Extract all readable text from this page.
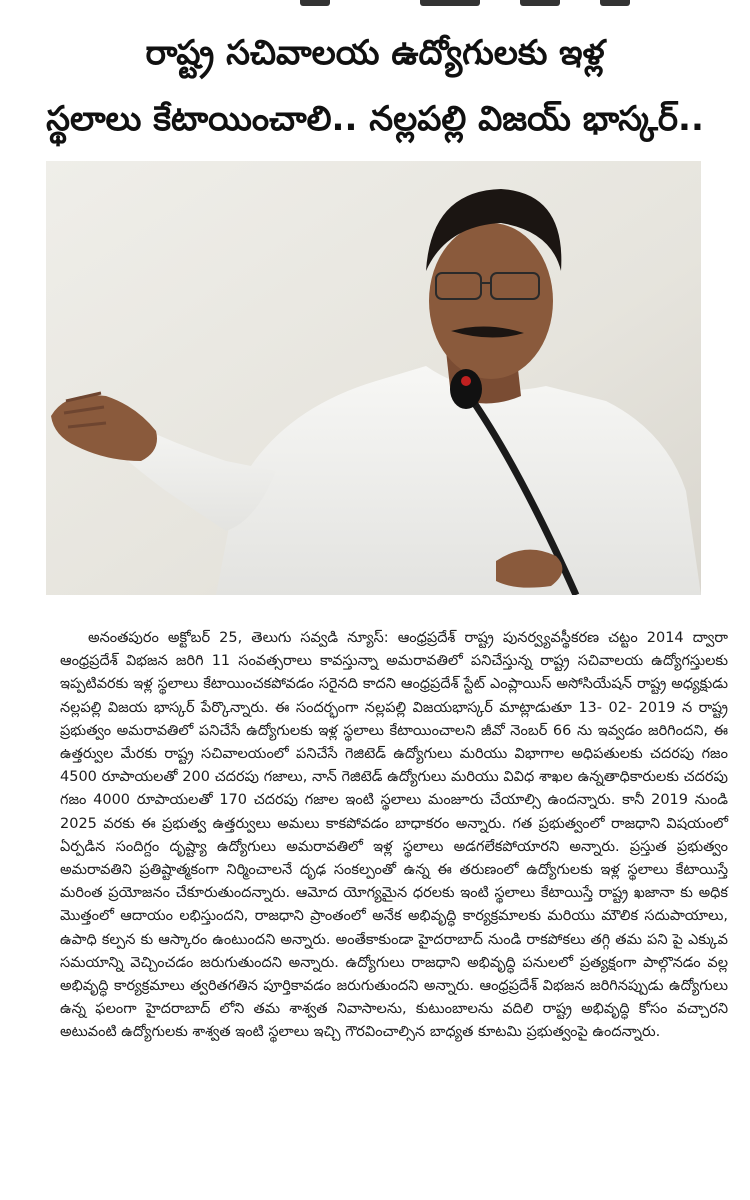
రాష్ట్ర సచివాలయ ఉద్యోగులకు ఇళ్ల
స్థలాలు కేటాయించాలి.. నల్లపల్లి విజయ్ భాస్కర్..
అనంతపురం అక్టోబర్ 25, తెలుగు సవ్వడి న్యూస్: ఆంధ్రప్రదేశ్ రాష్ట్ర పునర్వ్యవస్థీకరణ చట్టం 2014 ద్వారా ఆంధ్రప్రదేశ్ విభజన జరిగి 11 సంవత్సరాలు కావస్తున్నా అమరావతిలో పనిచేస్తున్న రాష్ట్ర సచివాలయ ఉద్యోగస్తులకు ఇప్పటివరకు ఇళ్ల స్థలాలు కేటాయించకపోవడం సరైనది కాదని ఆంధ్రప్రదేశ్ స్టేట్ ఎంప్లాయిస్ అసోసియేషన్ రాష్ట్ర అధ్యక్షుడు నల్లపల్లి విజయ భాస్కర్ పేర్కొన్నారు. ఈ సందర్భంగా నల్లపల్లి విజయభాస్కర్ మాట్లాడుతూ 13- 02- 2019 న రాష్ట్ర ప్రభుత్వం అమరావతిలో పనిచేసే ఉద్యోగులకు ఇళ్ల స్థలాలు కేటాయించాలని జీవో నెంబర్ 66 ను ఇవ్వడం జరిగిందని, ఈ ఉత్తర్వుల మేరకు రాష్ట్ర సచివాలయంలో పనిచేసే గెజిటెడ్ ఉద్యోగులు మరియు విభాగాల అధిపతులకు చదరపు గజం 4500 రూపాయలతో 200 చదరపు గజాలు, నాన్ గెజిటెడ్ ఉద్యోగులు మరియు వివిధ శాఖల ఉన్నతాధికారులకు చదరపు గజం 4000 రూపాయలతో 170 చదరపు గజాల ఇంటి స్థలాలు మంజూరు చేయాల్సి ఉందన్నారు. కానీ 2019 నుండి 2025 వరకు ఈ ప్రభుత్వ ఉత్తర్వులు అమలు కాకపోవడం బాధాకరం అన్నారు. గత ప్రభుత్వంలో రాజధాని విషయంలో ఏర్పడిన సందిగ్దం దృష్ట్యా ఉద్యోగులు అమరావతిలో ఇళ్ల స్థలాలు అడగలేకపోయారని అన్నారు. ప్రస్తుత ప్రభుత్వం అమరావతిని ప్రతిష్టాత్మకంగా నిర్మించాలనే దృఢ సంకల్పంతో ఉన్న ఈ తరుణంలో ఉద్యోగులకు ఇళ్ల స్థలాలు కేటాయిస్తే మరింత ప్రయోజనం చేకూరుతుందన్నారు. ఆమోద యోగ్యమైన ధరలకు ఇంటి స్థలాలు కేటాయిస్తే రాష్ట్ర ఖజానా కు అధిక మొత్తంలో ఆదాయం లభిస్తుందని, రాజధాని ప్రాంతంలో అనేక అభివృద్ధి కార్యక్రమాలకు మరియు మౌలిక సదుపాయాలు, ఉపాధి కల్పన కు ఆస్కారం ఉంటుందని అన్నారు. అంతేకాకుండా హైదరాబాద్ నుండి రాకపోకలు తగ్గి తమ పని పై ఎక్కువ సమయాన్ని వెచ్చించడం జరుగుతుందని అన్నారు. ఉద్యోగులు రాజధాని అభివృద్ధి పనులలో ప్రత్యక్షంగా పాల్గొనడం వల్ల అభివృద్ధి కార్యక్రమాలు త్వరితగతిన పూర్తికావడం జరుగుతుందని అన్నారు. ఆంధ్రప్రదేశ్ విభజన జరిగినప్పుడు ఉద్యోగులు ఉన్న ఫలంగా హైదరాబాద్ లోని తమ శాశ్వత నివాసాలను, కుటుంబాలను వదిలి రాష్ట్ర అభివృద్ధి కోసం వచ్చారని అటువంటి ఉద్యోగులకు శాశ్వత ఇంటి స్థలాలు ఇచ్చి గౌరవించాల్సిన బాధ్యత కూటమి ప్రభుత్వంపై ఉందన్నారు.
